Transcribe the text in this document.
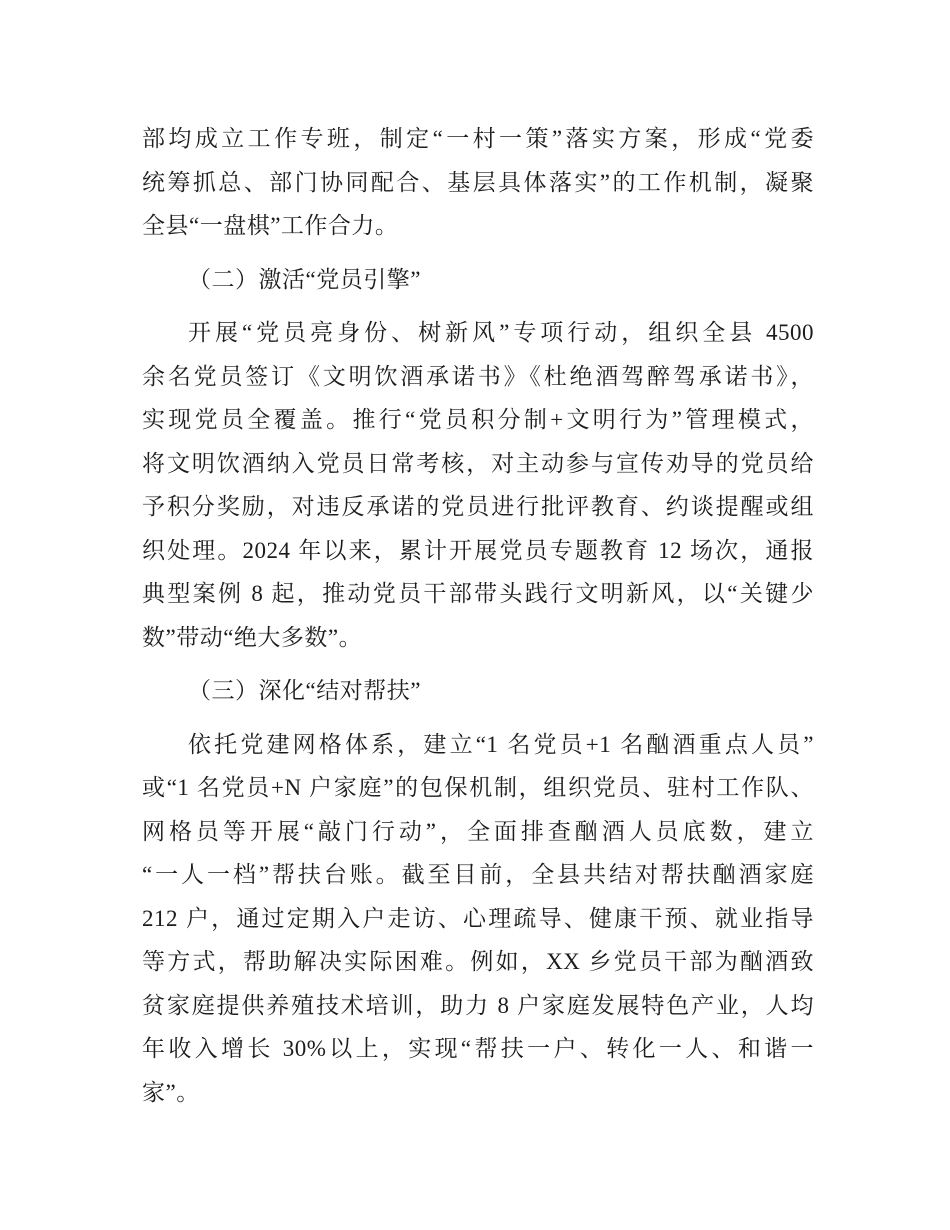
部均成立工作专班，制定“一村一策”落实方案，形成“党委
统筹抓总、部门协同配合、基层具体落实”的工作机制，凝聚
全县“一盘棋”工作合力。
（二）激活“党员引擎”
开展“党员亮身份、树新风”专项行动，组织全县 4500
余名党员签订《文明饮酒承诺书》《杜绝酒驾醉驾承诺书》，
实现党员全覆盖。推行“党员积分制+文明行为”管理模式，
将文明饮酒纳入党员日常考核，对主动参与宣传劝导的党员给
予积分奖励，对违反承诺的党员进行批评教育、约谈提醒或组
织处理。2024 年以来，累计开展党员专题教育 12 场次，通报
典型案例 8 起，推动党员干部带头践行文明新风，以“关键少
数”带动“绝大多数”。
（三）深化“结对帮扶”
依托党建网格体系，建立“1 名党员+1 名酗酒重点人员”
或“1 名党员+N 户家庭”的包保机制，组织党员、驻村工作队、
网格员等开展“敲门行动”，全面排查酗酒人员底数，建立
“一人一档”帮扶台账。截至目前，全县共结对帮扶酗酒家庭
212 户，通过定期入户走访、心理疏导、健康干预、就业指导
等方式，帮助解决实际困难。例如，XX 乡党员干部为酗酒致
贫家庭提供养殖技术培训，助力 8 户家庭发展特色产业，人均
年收入增长 30%以上，实现“帮扶一户、转化一人、和谐一
家”。
